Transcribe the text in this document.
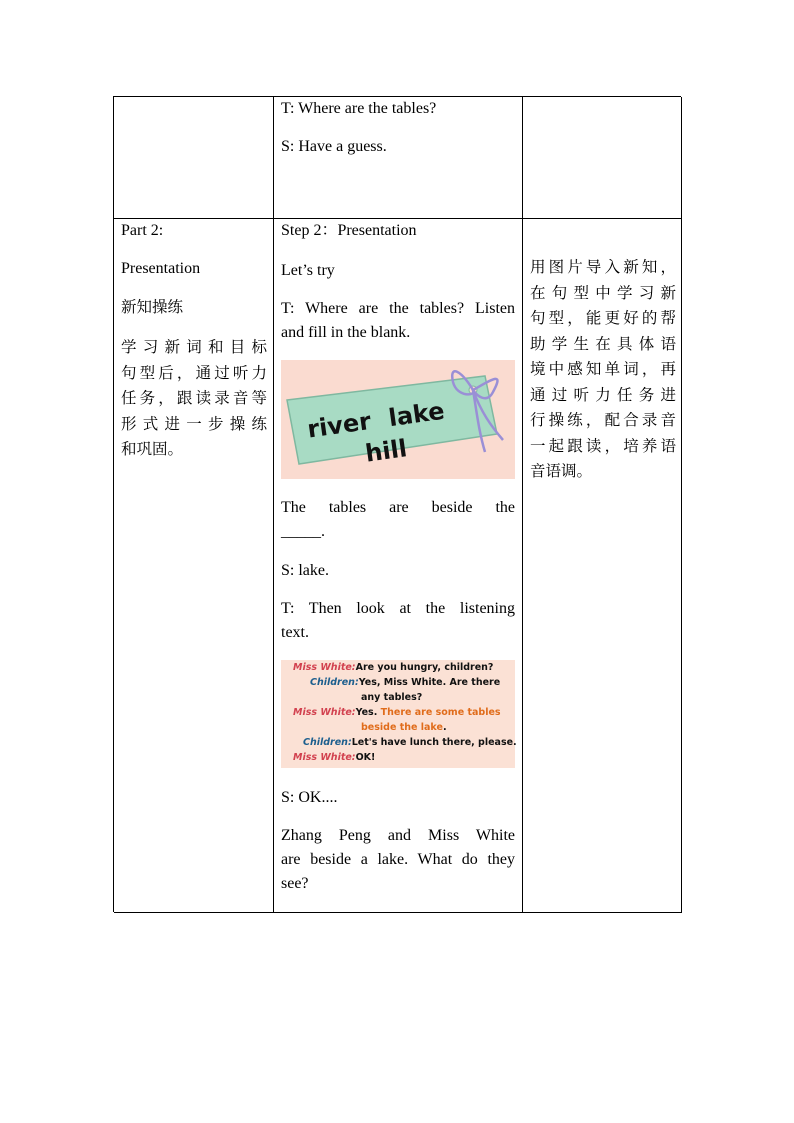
T: Where are the tables?

S: Have a guess.

Part 2:

Presentation

新知操练

学习新词和目标
句型后，通过听力
任务，跟读录音等
形式进一步操练
和巩固。

Step 2：Presentation

Let’s try

T: Where are the tables? Listen
and fill in the blank.
river lake
hill
The tables are beside the
_____.

S: lake.

T: Then look at the listening
text.
Miss White:Are you hungry, children?
Children:Yes, Miss White. Are there
any tables?
Miss White:Yes. There are some tables
beside the lake.
Children:Let's have lunch there, please.
Miss White:OK!

S: OK....

Zhang Peng and Miss White
are beside a lake. What do they
see?
用图片导入新知，
在句型中学习新
句型，能更好的帮
助学生在具体语
境中感知单词，再
通过听力任务进
行操练，配合录音
一起跟读，培养语
音语调。
